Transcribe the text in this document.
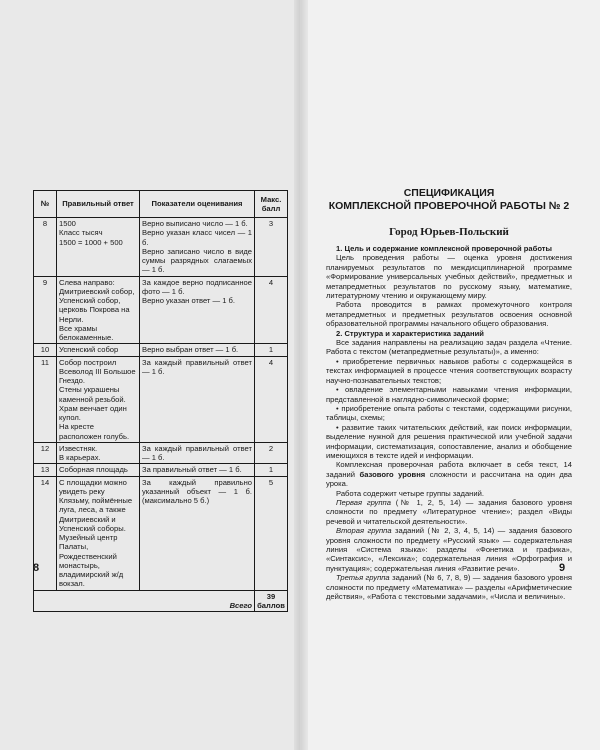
№	Правильный ответ	Показатели оценивания	Макс. балл
8	1500
Класс тысяч
1500 = 1000 + 500	Верно выписано число — 1 б.
Верно указан класс чисел — 1 б.
Верно записано число в виде суммы разрядных слагаемых — 1 б.	3
9	Слева направо: Дмитриевский собор, Успенский собор, церковь Покрова на Нерли.
Все храмы белокаменные.	За каждое верно подписанное фото — 1 б.
Верно указан ответ — 1 б.	4
10	Успенский собор	Верно выбран ответ — 1 б.	1
11	Собор построил Всеволод III Большое Гнездо.
Стены украшены каменной резьбой.
Храм венчает один купол.
На кресте расположен голубь.	За каждый правильный ответ — 1 б.	4
12	Известняк.
В карьерах.	За каждый правильный ответ — 1 б.	2
13	Соборная площадь	За правильный ответ — 1 б.	1
14	С площадки можно увидеть реку Клязьму, поймённые луга, леса, а также Дмитриевский и Успенский соборы. Музейный центр Палаты, Рождественский монастырь, владимирский ж/д вокзал.	За каждый правильно указанный объект — 1 б. (максимально 5 б.)	5
		Всего	39 баллов
8
СПЕЦИФИКАЦИЯ
КОМПЛЕКСНОЙ ПРОВЕРОЧНОЙ РАБОТЫ № 2
Город Юрьев-Польский
1. Цель и содержание комплексной проверочной работы

Цель проведения работы — оценка уровня достижения планируемых результатов по междисциплинарной программе «Формирование универсальных учебных действий», предметных и метапредметных результатов по русскому языку, математике, литературному чтению и окружающему миру.

Работа проводится в рамках промежуточного контроля метапредметных и предметных результатов освоения основной образовательной программы начального общего образования.

2. Структура и характеристика заданий

Все задания направлены на реализацию задач раздела «Чтение. Работа с текстом (метапредметные результаты)», а именно:

• приобретение первичных навыков работы с содержащейся в текстах информацией в процессе чтения соответствующих возрасту научно-познавательных текстов;

• овладение элементарными навыками чтения информации, представленной в наглядно-символической форме;

• приобретение опыта работы с текстами, содержащими рисунки, таблицы, схемы;

• развитие таких читательских действий, как поиск информации, выделение нужной для решения практической или учебной задачи информации, систематизация, сопоставление, анализ и обобщение имеющихся в тексте идей и информации.

Комплексная проверочная работа включает в себя текст, 14 заданий базового уровня сложности и рассчитана на один два урока.

Работа содержит четыре группы заданий.

Первая группа (№ 1, 2, 5, 14) — задания базового уровня сложности по предмету «Литературное чтение»; раздел «Виды речевой и читательской деятельности».

Вторая группа заданий (№ 2, 3, 4, 5, 14) — задания базового уровня сложности по предмету «Русский язык» — содержательная линия «Система языка»: разделы «Фонетика и графика», «Синтаксис», «Лексика»; содержательная линия «Орфография и пунктуация»; содержательная линия «Развитие речи».

Третья группа заданий (№ 6, 7, 8, 9) — задания базового уровня сложности по предмету «Математика» — разделы «Арифметические действия», «Работа с текстовыми задачами», «Числа и величины».

9
